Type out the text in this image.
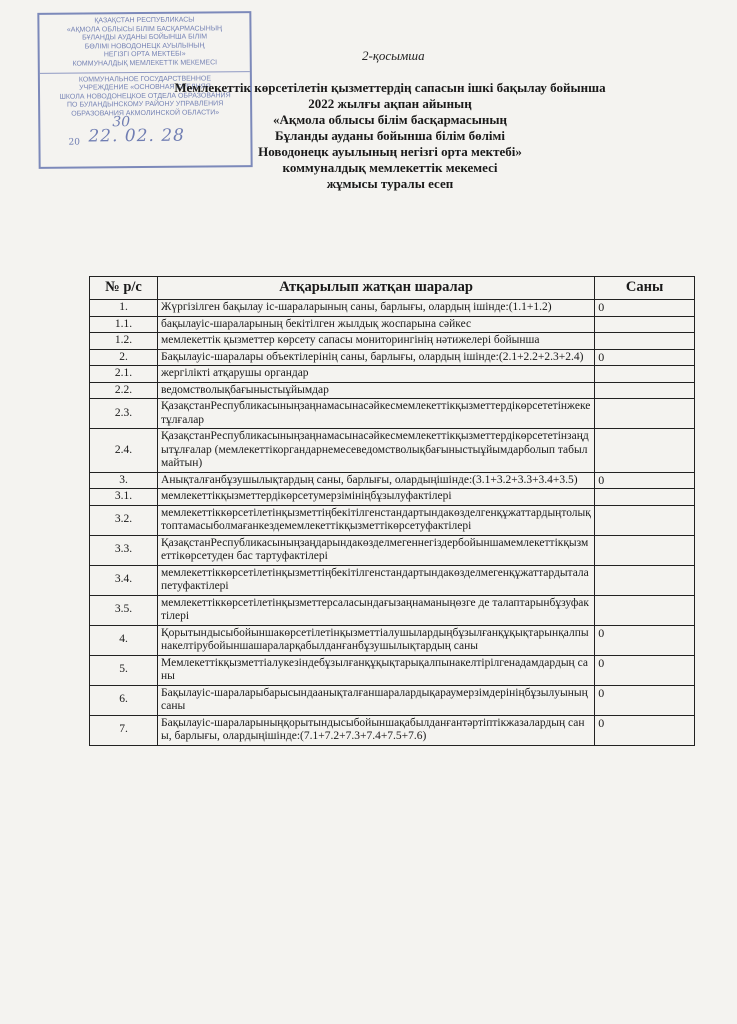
ҚАЗАҚСТАН РЕСПУБЛИКАСЫ
«АҚМОЛА ОБЛЫСЫ БІЛІМ БАСҚАРМАСЫНЫҢ
БҰЛАНДЫ АУДАНЫ БОЙЫНША БІЛІМ
БӨЛІМІ НОВОДОНЕЦК АУЫЛЫНЫҢ
НЕГІЗГІ ОРТА МЕКТЕБІ»
КОММУНАЛДЫҚ МЕМЛЕКЕТТІК МЕКЕМЕСІ
КОММУНАЛЬНОЕ ГОСУДАРСТВЕННОЕ
УЧРЕЖДЕНИЕ «ОСНОВНАЯ СРЕДНЯЯ
ШКОЛА НОВОДОНЕЦКОЕ ОТДЕЛА ОБРАЗОВАНИЯ
ПО БУЛАНДЫНСКОМУ РАЙОНУ УПРАВЛЕНИЯ
ОБРАЗОВАНИЯ АКМОЛИНСКОЙ ОБЛАСТИ»
30
20 22. 02. 28
2-қосымша
Мемлекеттік көрсетілетін қызметтердің сапасын ішкі бақылау бойынша
2022 жылғы ақпан айының
«Ақмола облысы білім басқармасының
Бұланды ауданы бойынша білім бөлімі
Новодонецк ауылының негізгі орта мектебі»
коммуналдық мемлекеттік мекемесі
жұмысы туралы есеп
№ р/с	Атқарылып жатқан шаралар	Саны
1.	Жүргізілген бақылау іс-шараларының саны, барлығы, олардың ішінде:(1.1+1.2)	0
1.1.	бақылауіс-шараларының бекітілген жылдық жоспарына сәйкес	
1.2.	мемлекеттік қызметтер көрсету сапасы мониторингінің нәтижелері бойынша	
2.	Бақылауіс-шаралары объектілерінің саны, барлығы, олардың ішінде:(2.1+2.2+2.3+2.4)	0
2.1.	жергілікті атқарушы органдар	
2.2.	ведомстволықбағыныстыұйымдар	
2.3.	ҚазақстанРеспубликасыныңзаңнамасынасәйкесмемлекеттікқызметтердікөрсететінжекетұлғалар	
2.4.	ҚазақстанРеспубликасыныңзаңнамасынасәйкесмемлекеттікқызметтердікөрсететінзаңдытұлғалар (мемлекеттікоргандарнемесеведомстволықбағыныстыұйымдарболып табылмайтын)	
3.	Анықталғанбұзушылықтардың саны, барлығы, олардыңішінде:(3.1+3.2+3.3+3.4+3.5)	0
3.1.	мемлекеттікқызметтердікөрсетумерзімініңбұзылуфактілері	
3.2.	мемлекеттіккөрсетілетінқызметтіңбекітілгенстандартындакөзделгенқұжаттардыңтолықтоптамасыболмағанкездемемлекеттікқызметтікөрсетуфактілері	
3.3.	ҚазақстанРеспубликасыныңзаңдарындакөзделмегеннегіздербойыншамемлекеттікқызметтікөрсетуден бас тартуфактілері	
3.4.	мемлекеттіккөрсетілетінқызметтіңбекітілгенстандартындакөзделмегенқұжаттардыталапетуфактілері	
3.5.	мемлекеттіккөрсетілетінқызметтерсаласындағызаңнаманыңөзге де талаптарынбұзуфактілері	
4.	Қорытындысыбойыншакөрсетілетінқызметтіалушылардыңбұзылғанқұқықтарынқалпынакелтірубойыншашараларқабылданғанбұзушылықтардың саны	0
5.	Мемлекеттікқызметтіалукезіндебұзылғанқұқықтарықалпынакелтірілгенадамдардың саны	0
6.	Бақылауіс-шараларыбарысындаанықталғаншаралардықараумерзімдерініңбұзылуының саны	0
7.	Бақылауіс-шараларыныңқорытындысыбойыншақабылданғантәртіптікжазалардың саны, барлығы, олардыңішінде:(7.1+7.2+7.3+7.4+7.5+7.6)	0
